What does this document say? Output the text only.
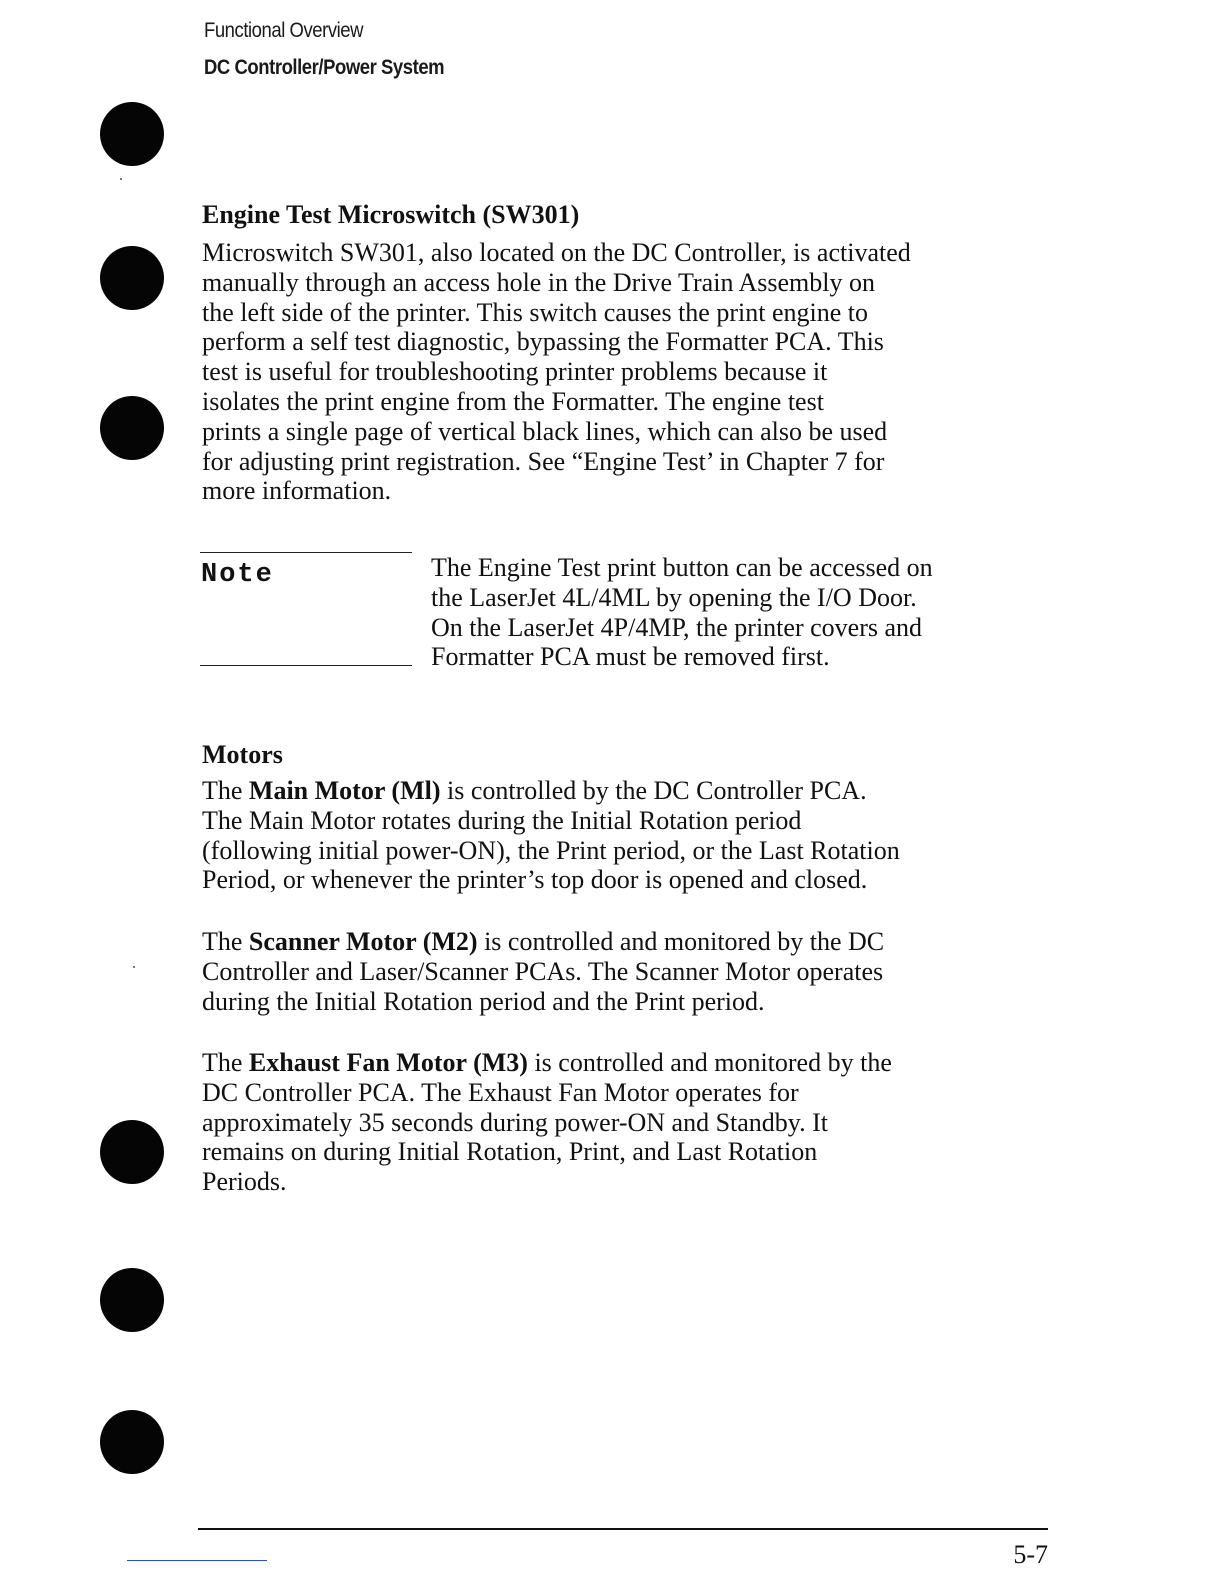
Functional Overview
DC Controller/Power System
Engine Test Microswitch (SW301)
Microswitch SW301, also located on the DC Controller, is activated
manually through an access hole in the Drive Train Assembly on
the left side of the printer. This switch causes the print engine to
perform a self test diagnostic, bypassing the Formatter PCA. This
test is useful for troubleshooting printer problems because it
isolates the print engine from the Formatter. The engine test
prints a single page of vertical black lines, which can also be used
for adjusting print registration. See “Engine Test’ in Chapter 7 for
more information.
Note	The Engine Test print button can be accessed on
the LaserJet 4L/4ML by opening the I/O Door.
On the LaserJet 4P/4MP, the printer covers and
Formatter PCA must be removed first.
Motors
The Main Motor (Ml) is controlled by the DC Controller PCA.
The Main Motor rotates during the Initial Rotation period
(following initial power-ON), the Print period, or the Last Rotation
Period, or whenever the printer’s top door is opened and closed.
The Scanner Motor (M2) is controlled and monitored by the DC
Controller and Laser/Scanner PCAs. The Scanner Motor operates
during the Initial Rotation period and the Print period.
The Exhaust Fan Motor (M3) is controlled and monitored by the
DC Controller PCA. The Exhaust Fan Motor operates for
approximately 35 seconds during power-ON and Standby. It
remains on during Initial Rotation, Print, and Last Rotation
Periods.
5-7
